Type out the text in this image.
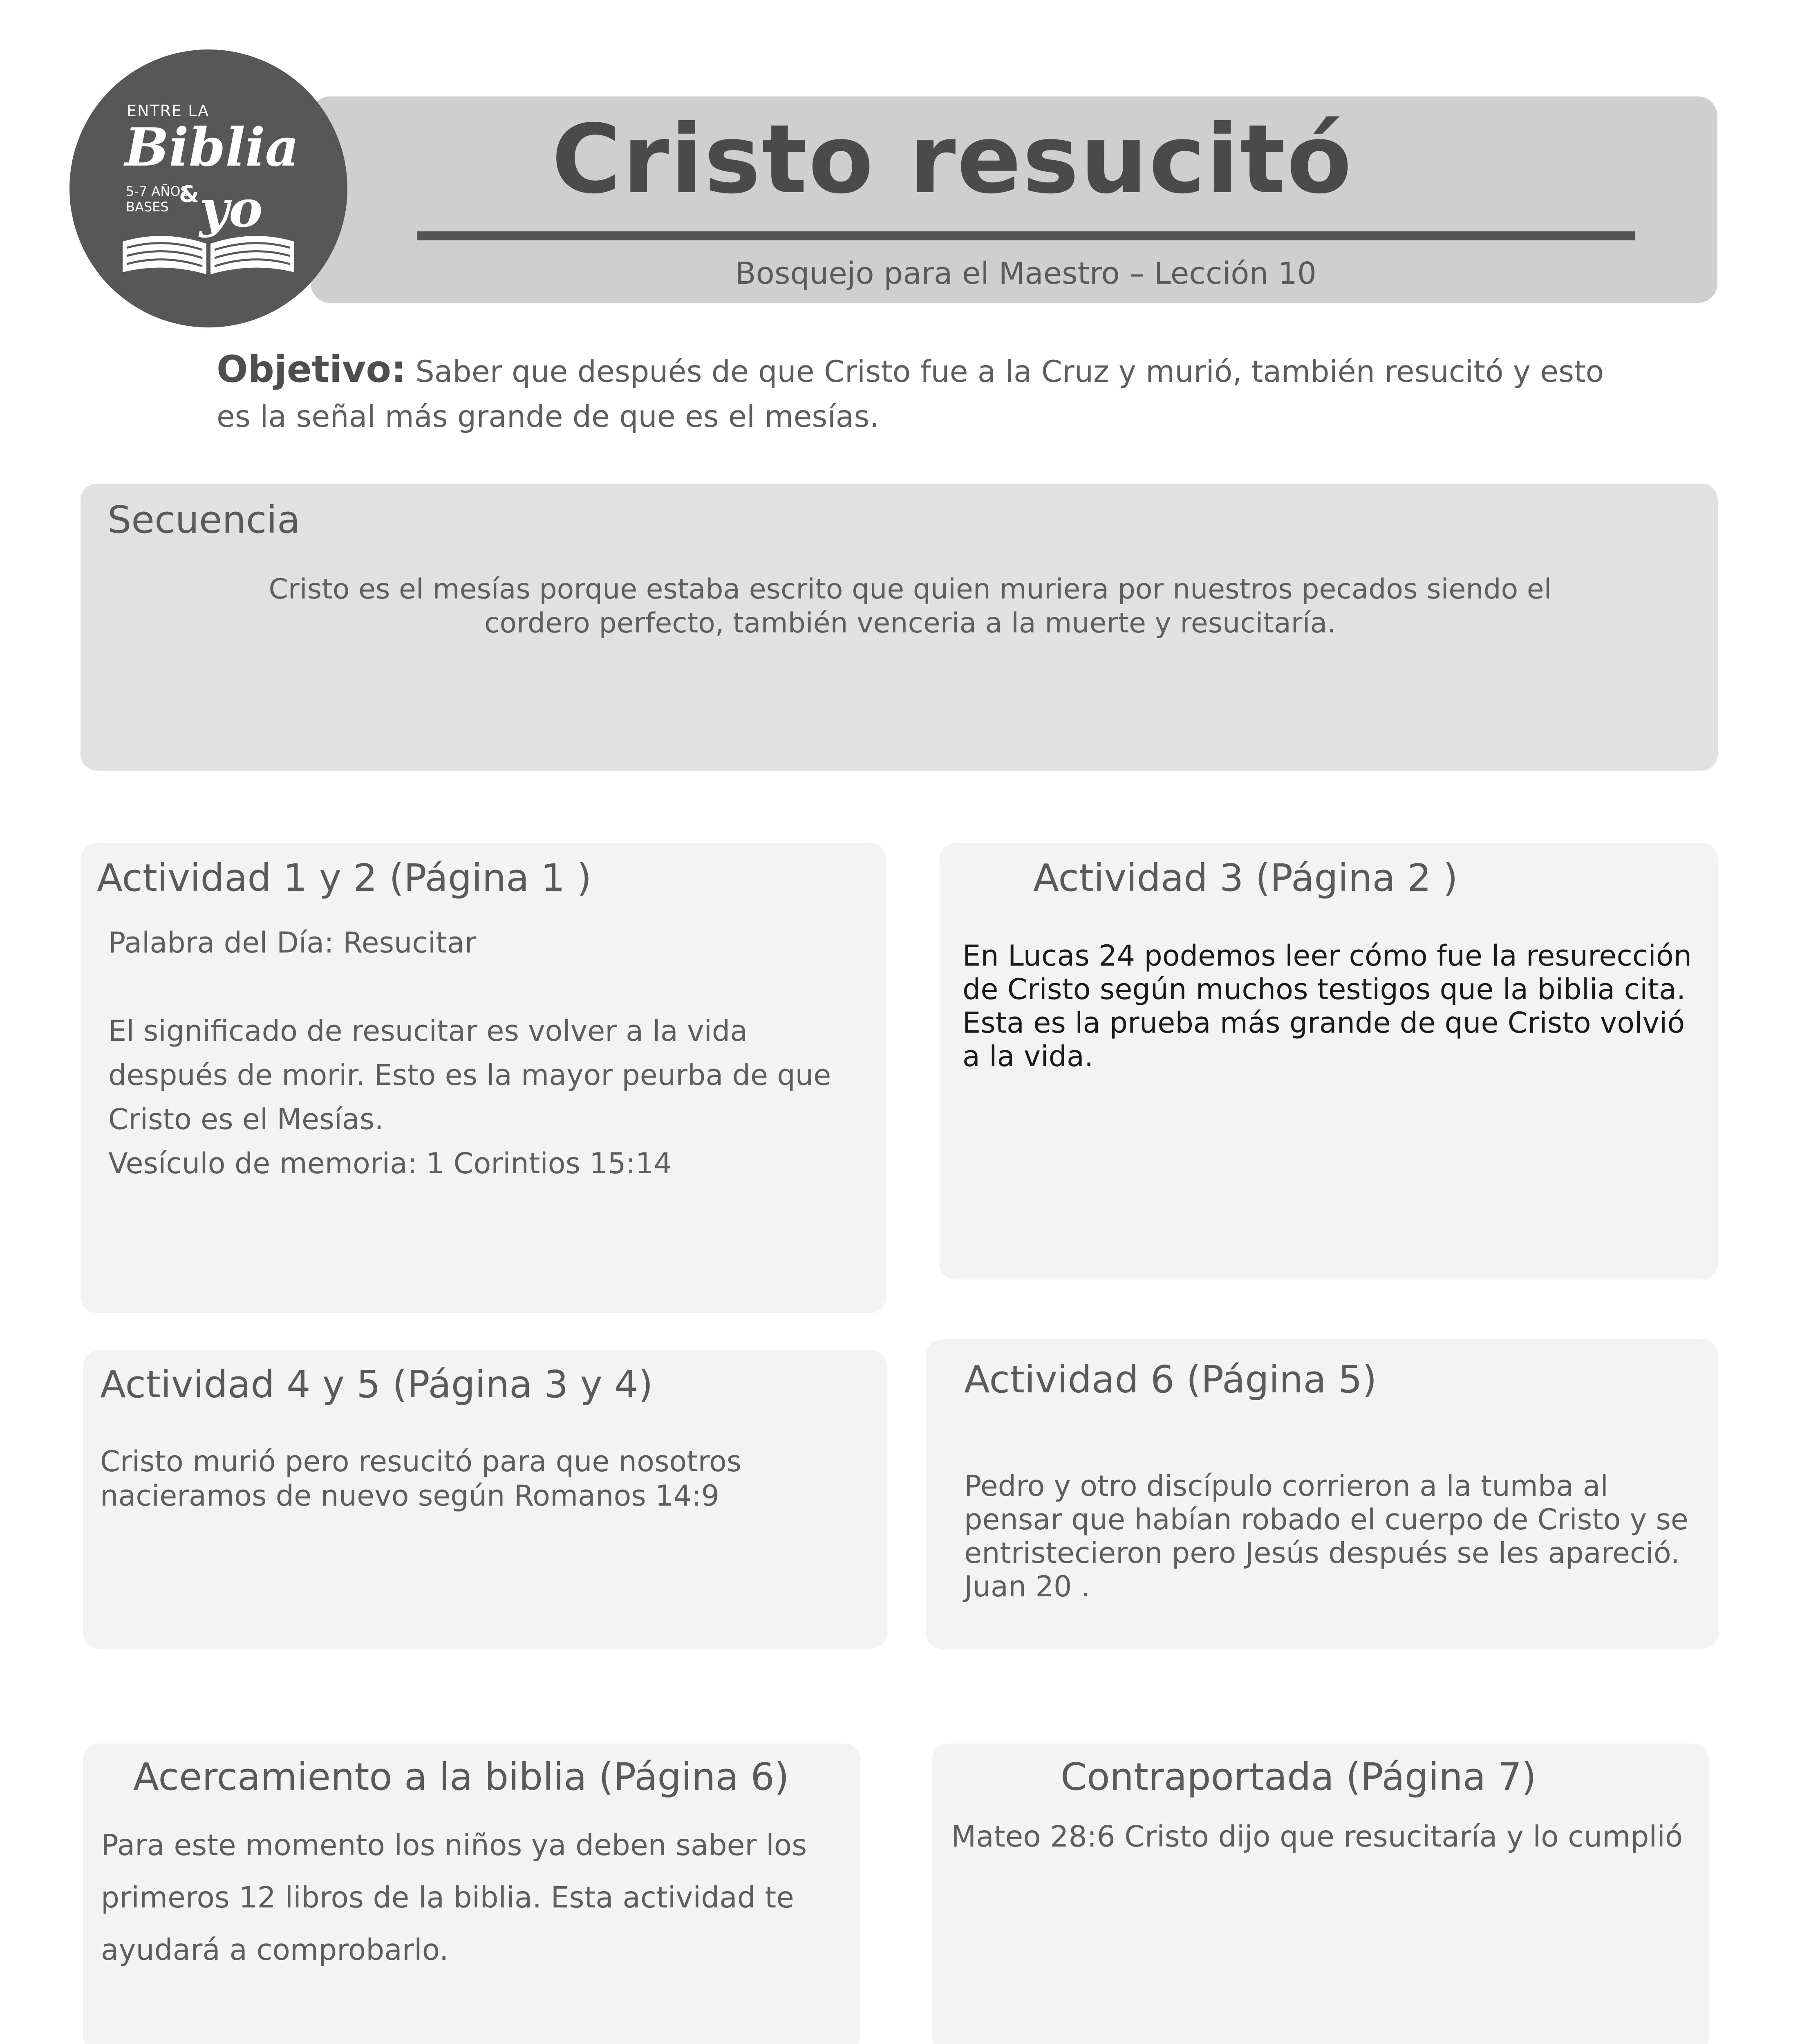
Cristo resucitó
Bosquejo para el Maestro – Lección 10
ENTRE LA
Biblia
5-7 AÑOS
BASES & yo
Objetivo: Saber que después de que Cristo fue a la Cruz y murió, también resucitó y esto es la señal más grande de que es el mesías.
Secuencia
Cristo es el mesías porque estaba escrito que quien muriera por nuestros pecados siendo el cordero perfecto, también venceria a la muerte y resucitaría.
Actividad 1 y 2 (Página 1 )
Palabra del Día: Resucitar
El significado de resucitar es volver a la vida después de morir. Esto es la mayor peurba de que Cristo es el Mesías.
Vesículo de memoria: 1 Corintios 15:14
Actividad 3 (Página 2 )
En Lucas 24 podemos leer cómo fue la resurección de Cristo según muchos testigos que la biblia cita. Esta es la prueba más grande de que Cristo volvió a la vida.
Actividad 4 y 5 (Página 3 y 4)
Cristo murió pero resucitó para que nosotros nacieramos de nuevo según Romanos 14:9
Actividad 6 (Página 5)
Pedro y otro discípulo corrieron a la tumba al pensar que habían robado el cuerpo de Cristo y se entristecieron pero Jesús después se les apareció. Juan 20 .
Acercamiento a la biblia (Página 6)
Para este momento los niños ya deben saber los primeros 12 libros de la biblia. Esta actividad te ayudará a comprobarlo.
Contraportada (Página 7)
Mateo 28:6 Cristo dijo que resucitaría y lo cumplió
